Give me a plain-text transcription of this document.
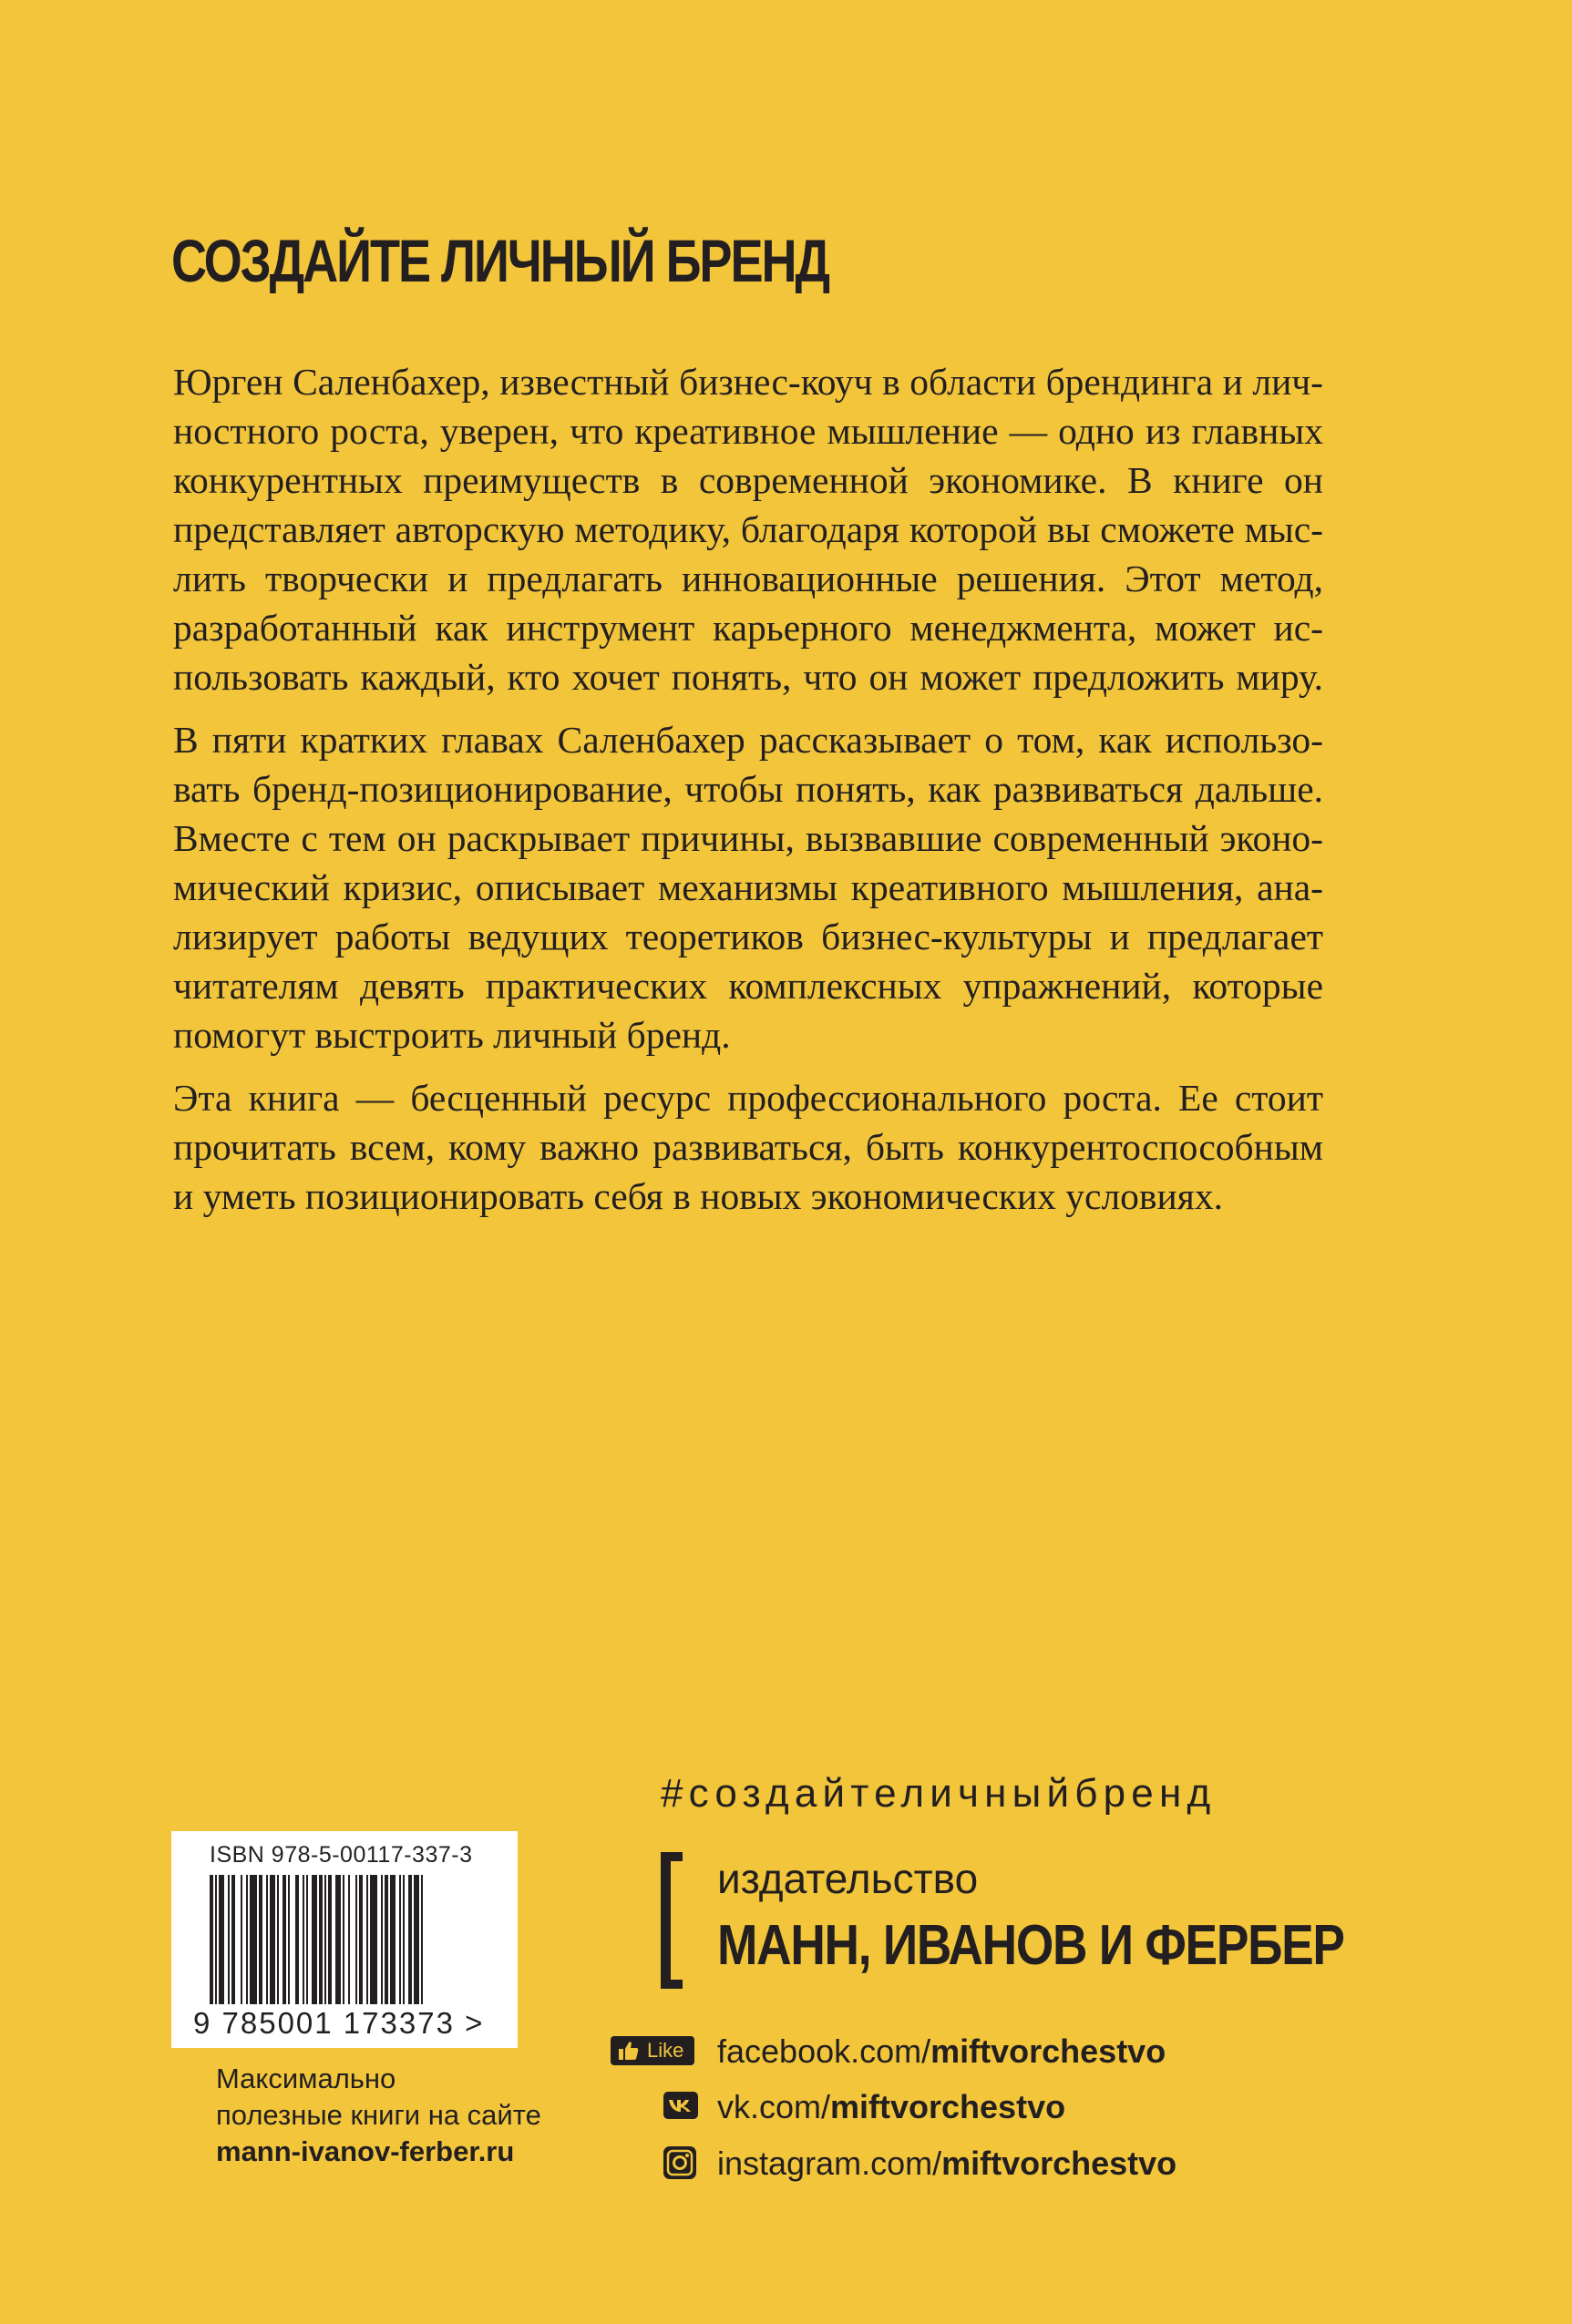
СОЗДАЙТЕ ЛИЧНЫЙ БРЕНД
Юрген Саленбахер, известный бизнес-коуч в области брендинга и лич-
ностного роста, уверен, что креативное мышление — одно из главных
конкурентных преимуществ в современной экономике. В книге он
представляет авторскую методику, благодаря которой вы сможете мыс-
лить творчески и предлагать инновационные решения. Этот метод,
разработанный как инструмент карьерного менеджмента, может ис-
пользовать каждый, кто хочет понять, что он может предложить миру.
В пяти кратких главах Саленбахер рассказывает о том, как использо-
вать бренд-позиционирование, чтобы понять, как развиваться дальше.
Вместе с тем он раскрывает причины, вызвавшие современный эконо-
мический кризис, описывает механизмы креативного мышления, ана-
лизирует работы ведущих теоретиков бизнес-культуры и предлагает
читателям девять практических комплексных упражнений, которые
помогут выстроить личный бренд.
Эта книга — бесценный ресурс профессионального роста. Ее стоит
прочитать всем, кому важно развиваться, быть конкурентоспособным
и уметь позиционировать себя в новых экономических условиях.
#создайтеличныйбренд
ISBN 978-5-00117-337-3
9 785001 173373 >
Максимально
полезные книги на сайте
mann-ivanov-ferber.ru
издательство
МАНН, ИВАНОВ И ФЕРБЕР
Like facebook.com/miftvorchestvo
vk.com/miftvorchestvo
instagram.com/miftvorchestvo
